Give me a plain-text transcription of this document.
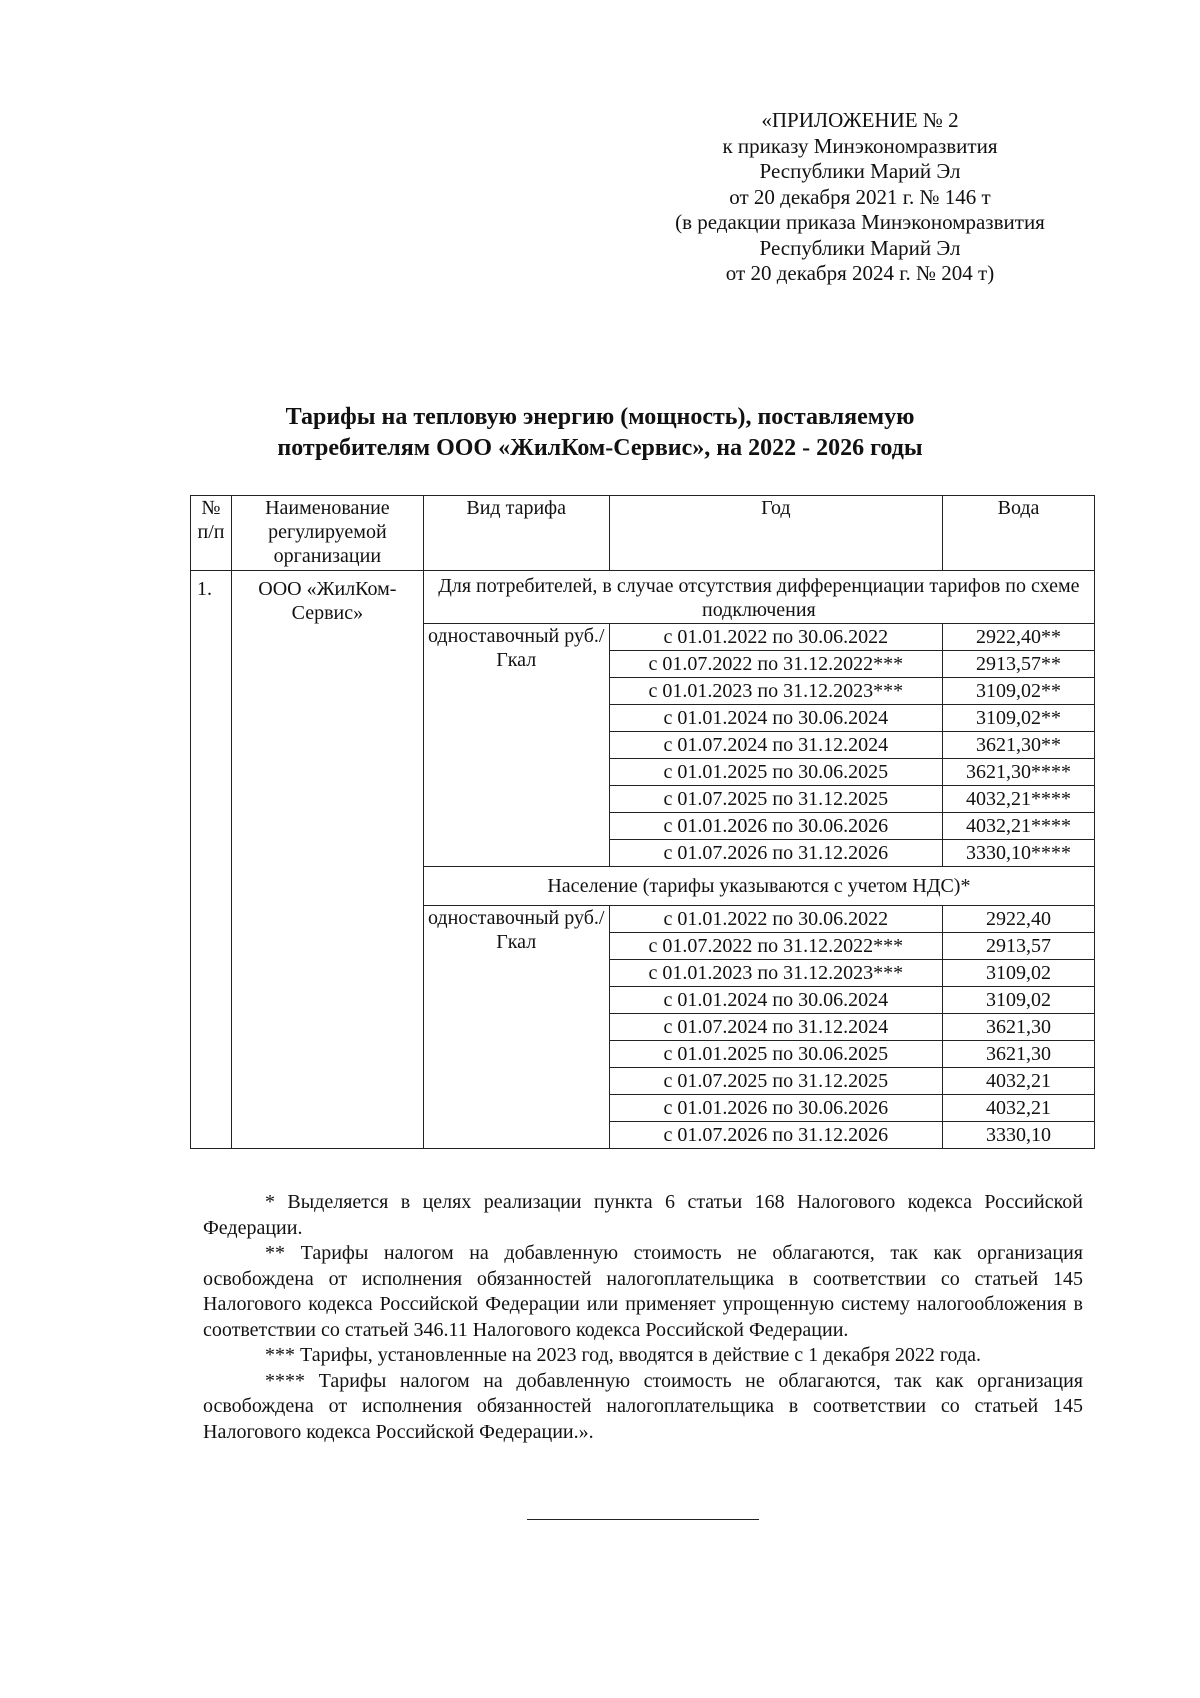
«ПРИЛОЖЕНИЕ № 2
к приказу Минэкономразвития
Республики Марий Эл
от 20 декабря 2021 г. № 146 т
(в редакции приказа Минэкономразвития
Республики Марий Эл
от 20 декабря 2024 г. № 204 т)
Тарифы на тепловую энергию (мощность), поставляемую
потребителям ООО «ЖилКом-Сервис», на 2022 - 2026 годы
№ п/п	Наименование регулируемой организации	Вид тарифа	Год	Вода
1.	ООО «ЖилКом-Сервис»	Для потребителей, в случае отсутствия дифференциации тарифов по схеме подключения		
		одноставочный руб./Гкал	с 01.01.2022 по 30.06.2022	2922,40**
			с 01.07.2022 по 31.12.2022***	2913,57**
			с 01.01.2023 по 31.12.2023***	3109,02**
			с 01.01.2024 по 30.06.2024	3109,02**
			с 01.07.2024 по 31.12.2024	3621,30**
			с 01.01.2025 по 30.06.2025	3621,30****
			с 01.07.2025 по 31.12.2025	4032,21****
			с 01.01.2026 по 30.06.2026	4032,21****
			с 01.07.2026 по 31.12.2026	3330,10****
		Население (тарифы указываются с учетом НДС)*		
		одноставочный руб./Гкал	с 01.01.2022 по 30.06.2022	2922,40
			с 01.07.2022 по 31.12.2022***	2913,57
			с 01.01.2023 по 31.12.2023***	3109,02
			с 01.01.2024 по 30.06.2024	3109,02
			с 01.07.2024 по 31.12.2024	3621,30
			с 01.01.2025 по 30.06.2025	3621,30
			с 01.07.2025 по 31.12.2025	4032,21
			с 01.01.2026 по 30.06.2026	4032,21
			с 01.07.2026 по 31.12.2026	3330,10

* Выделяется в целях реализации пункта 6 статьи 168 Налогового кодекса Российской Федерации.

** Тарифы налогом на добавленную стоимость не облагаются, так как организация освобождена от исполнения обязанностей налогоплательщика в соответствии со статьей 145 Налогового кодекса Российской Федерации или применяет упрощенную систему налогообложения в соответствии со статьей 346.11 Налогового кодекса Российской Федерации.

*** Тарифы, установленные на 2023 год, вводятся в действие с 1 декабря 2022 года.

**** Тарифы налогом на добавленную стоимость не облагаются, так как организация освобождена от исполнения обязанностей налогоплательщика в соответствии со статьей 145 Налогового кодекса Российской Федерации.».
